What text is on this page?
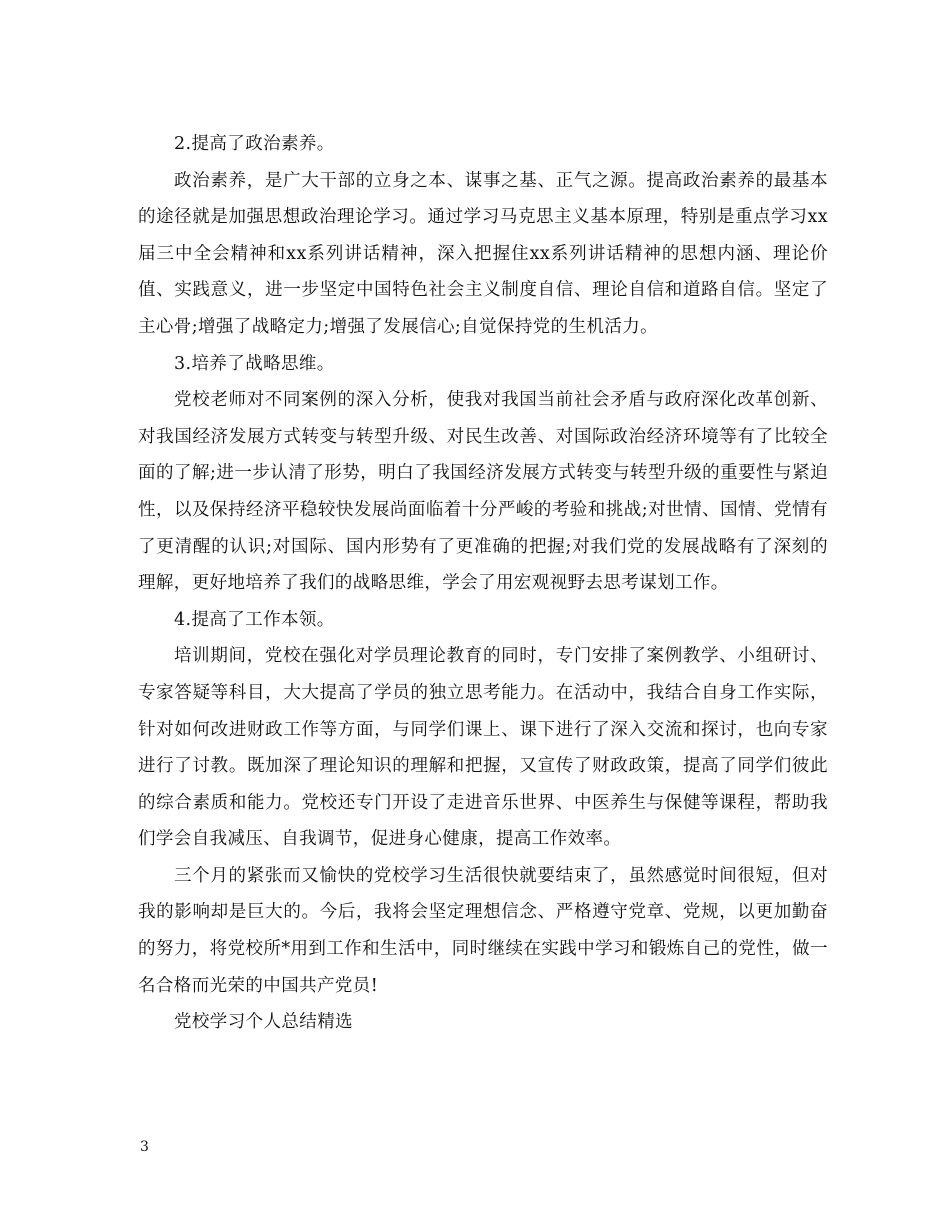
2.提高了政治素养。

政治素养，是广大干部的立身之本、谋事之基、正气之源。提高政治素养的最基本的途径就是加强思想政治理论学习。通过学习马克思主义基本原理，特别是重点学习xx届三中全会精神和xx系列讲话精神，深入把握住xx系列讲话精神的思想内涵、理论价值、实践意义，进一步坚定中国特色社会主义制度自信、理论自信和道路自信。坚定了主心骨;增强了战略定力;增强了发展信心;自觉保持党的生机活力。

3.培养了战略思维。

党校老师对不同案例的深入分析，使我对我国当前社会矛盾与政府深化改革创新、对我国经济发展方式转变与转型升级、对民生改善、对国际政治经济环境等有了比较全面的了解;进一步认清了形势，明白了我国经济发展方式转变与转型升级的重要性与紧迫性，以及保持经济平稳较快发展尚面临着十分严峻的考验和挑战;对世情、国情、党情有了更清醒的认识;对国际、国内形势有了更准确的把握;对我们党的发展战略有了深刻的理解，更好地培养了我们的战略思维，学会了用宏观视野去思考谋划工作。

4.提高了工作本领。

培训期间，党校在强化对学员理论教育的同时，专门安排了案例教学、小组研讨、专家答疑等科目，大大提高了学员的独立思考能力。在活动中，我结合自身工作实际，针对如何改进财政工作等方面，与同学们课上、课下进行了深入交流和探讨，也向专家进行了讨教。既加深了理论知识的理解和把握，又宣传了财政政策，提高了同学们彼此的综合素质和能力。党校还专门开设了走进音乐世界、中医养生与保健等课程，帮助我们学会自我减压、自我调节，促进身心健康，提高工作效率。

三个月的紧张而又愉快的党校学习生活很快就要结束了，虽然感觉时间很短，但对我的影响却是巨大的。今后，我将会坚定理想信念、严格遵守党章、党规，以更加勤奋的努力，将党校所*用到工作和生活中，同时继续在实践中学习和锻炼自己的党性，做一名合格而光荣的中国共产党员!

党校学习个人总结精选

3
